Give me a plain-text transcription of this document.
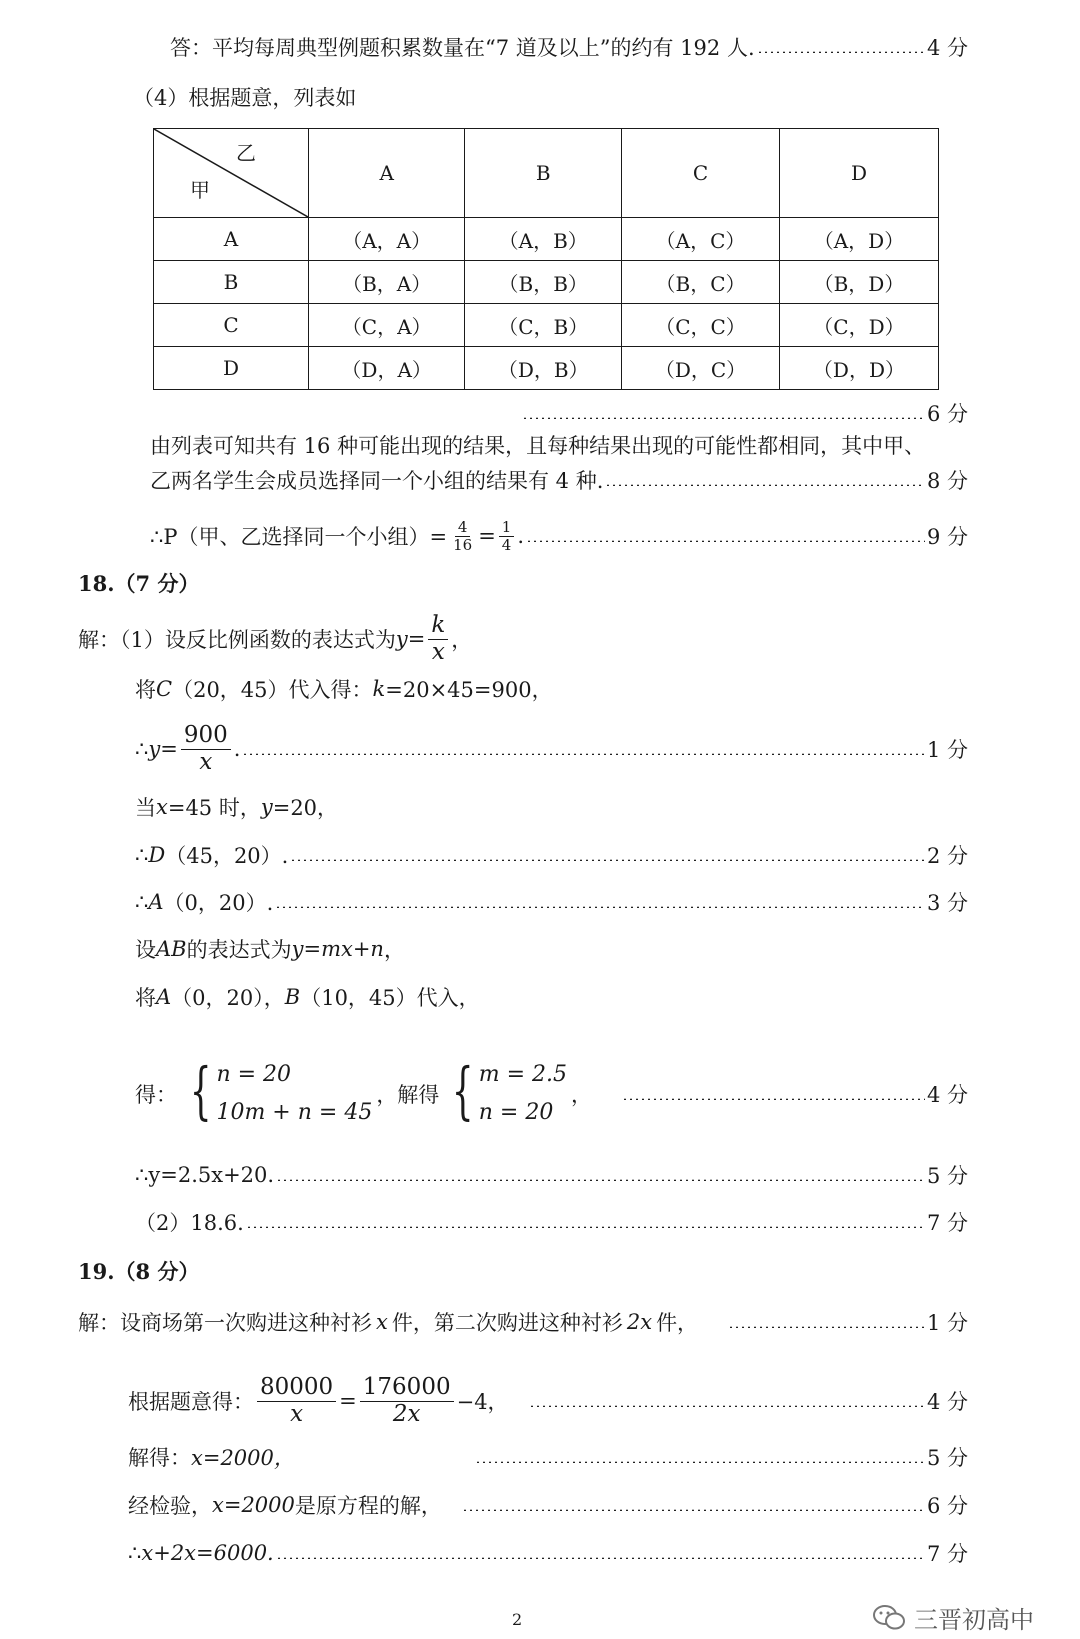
答：平均每周典型例题积累数量在“7 道及以上”的约有 192 人.	4 分
（4）根据题意，列表如
乙
甲	A	B	C	D
A	（A，A）	（A，B）	（A，C）	（A，D）
B	（B，A）	（B，B）	（B，C）	（B，D）
C	（C，A）	（C，B）	（C，C）	（C，D）
D	（D，A）	（D，B）	（D，C）	（D，D）
6 分
由列表可知共有 16 种可能出现的结果，且每种结果出现的可能性都相同，其中甲、
乙两名学生会成员选择同一个小组的结果有 4 种.	8 分
∴P（甲、乙选择同一个小组）= $\frac{4}{16} = \frac{1}{4}$ .	9 分
18.（7 分）
解：（1）设反比例函数的表达式为 $y = \frac{k}{x}$ ，
将 C （20，45）代入得： k =20×45=900，
∴ $y = \frac{900}{x}$ .	1 分
当 x =45 时， y =20，
∴ D （45，20）.	2 分
∴ A （0，20）.	3 分
设 AB 的表达式为 y=mx+n ，
将 A （0，20）， B （10，45）代入，
得： { n = 20
10m + n = 45
，解得 { m = 2.5
n = 20
，	4 分
∴ y=2.5x+20.	5 分
（2）18.6.	7 分
19.（8 分）
解：设商场第一次购进这种衬衫 x 件，第二次购进这种衬衫 2x 件，	1 分
根据题意得： $\frac{80000}{x} = \frac{176000}{2x} -4$，	4 分
解得： x=2000，	5 分
经检验， x=2000 是原方程的解，	6 分
∴ x+2x=6000.	7 分
2	三晋初高中
